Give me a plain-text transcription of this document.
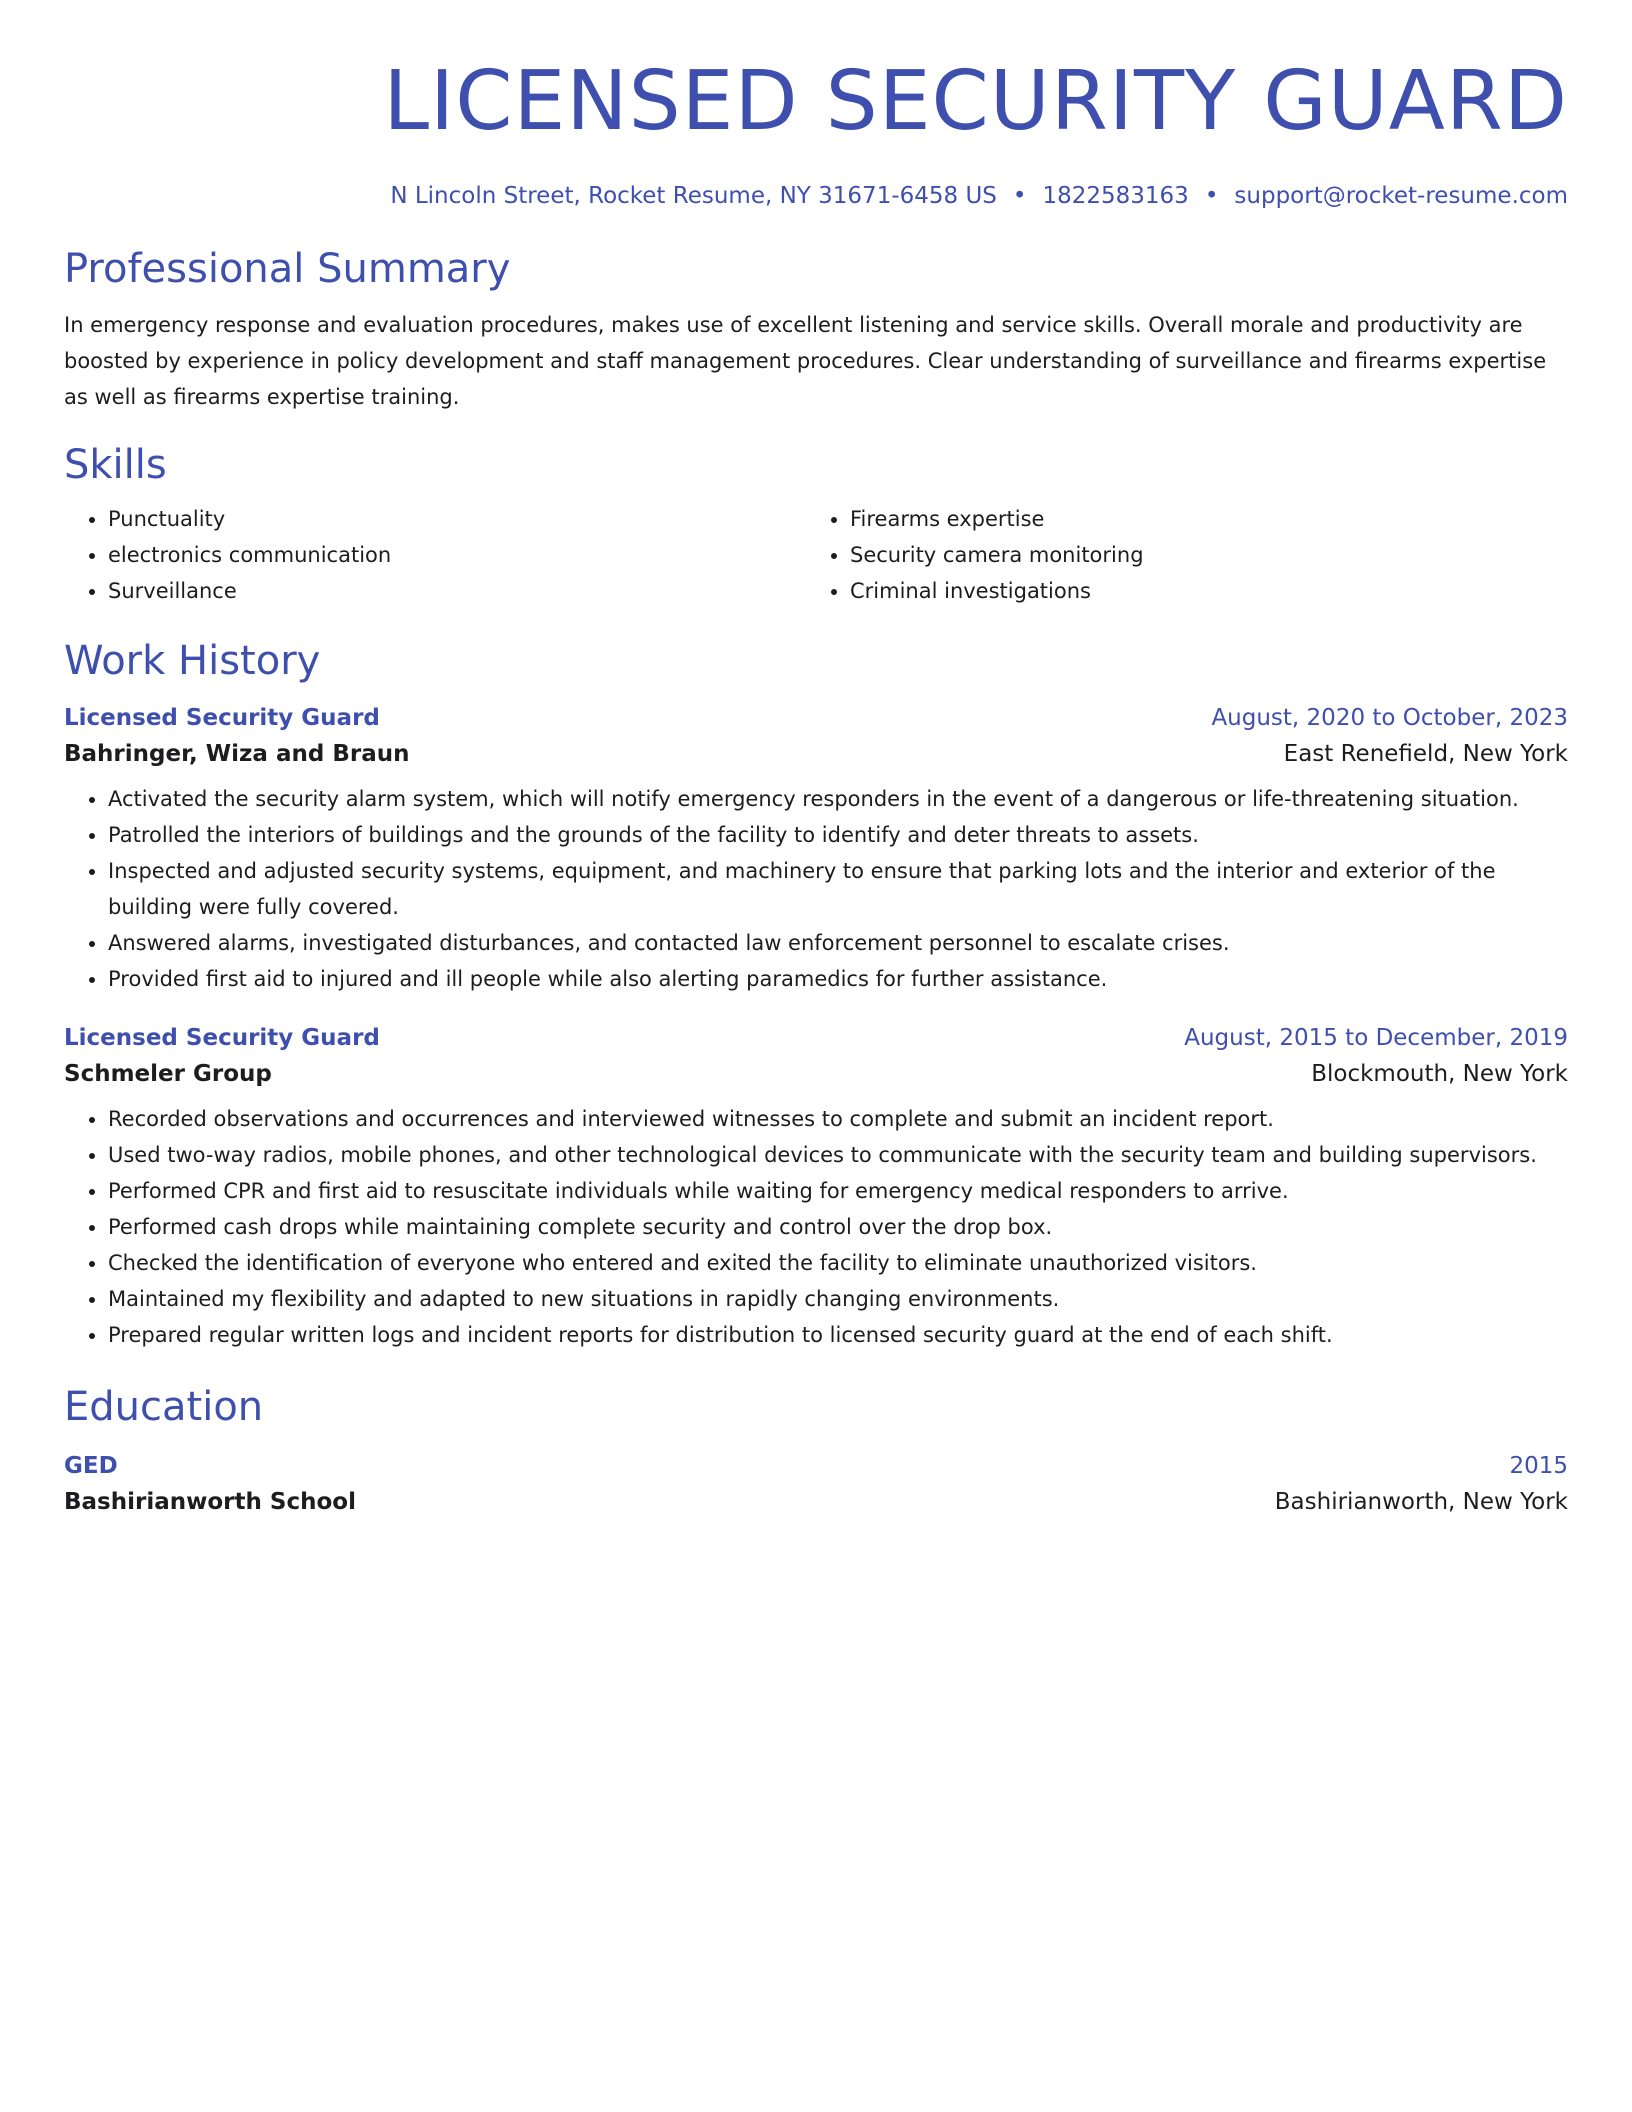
LICENSED SECURITY GUARD
N Lincoln Street, Rocket Resume, NY 31671-6458 US • 1822583163 • support@rocket-resume.com
Professional Summary
In emergency response and evaluation procedures, makes use of excellent listening and service skills. Overall morale and productivity are boosted by experience in policy development and staff management procedures. Clear understanding of surveillance and firearms expertise as well as firearms expertise training.
Skills
• Punctuality
• electronics communication
• Surveillance
• Firearms expertise
• Security camera monitoring
• Criminal investigations
Work History
Licensed Security Guard	August, 2020 to October, 2023
Bahringer, Wiza and Braun	East Renefield, New York
• Activated the security alarm system, which will notify emergency responders in the event of a dangerous or life-threatening situation.
• Patrolled the interiors of buildings and the grounds of the facility to identify and deter threats to assets.
• Inspected and adjusted security systems, equipment, and machinery to ensure that parking lots and the interior and exterior of the building were fully covered.
• Answered alarms, investigated disturbances, and contacted law enforcement personnel to escalate crises.
• Provided first aid to injured and ill people while also alerting paramedics for further assistance.
Licensed Security Guard	August, 2015 to December, 2019
Schmeler Group	Blockmouth, New York
• Recorded observations and occurrences and interviewed witnesses to complete and submit an incident report.
• Used two-way radios, mobile phones, and other technological devices to communicate with the security team and building supervisors.
• Performed CPR and first aid to resuscitate individuals while waiting for emergency medical responders to arrive.
• Performed cash drops while maintaining complete security and control over the drop box.
• Checked the identification of everyone who entered and exited the facility to eliminate unauthorized visitors.
• Maintained my flexibility and adapted to new situations in rapidly changing environments.
• Prepared regular written logs and incident reports for distribution to licensed security guard at the end of each shift.
Education
GED	2015
Bashirianworth School	Bashirianworth, New York
